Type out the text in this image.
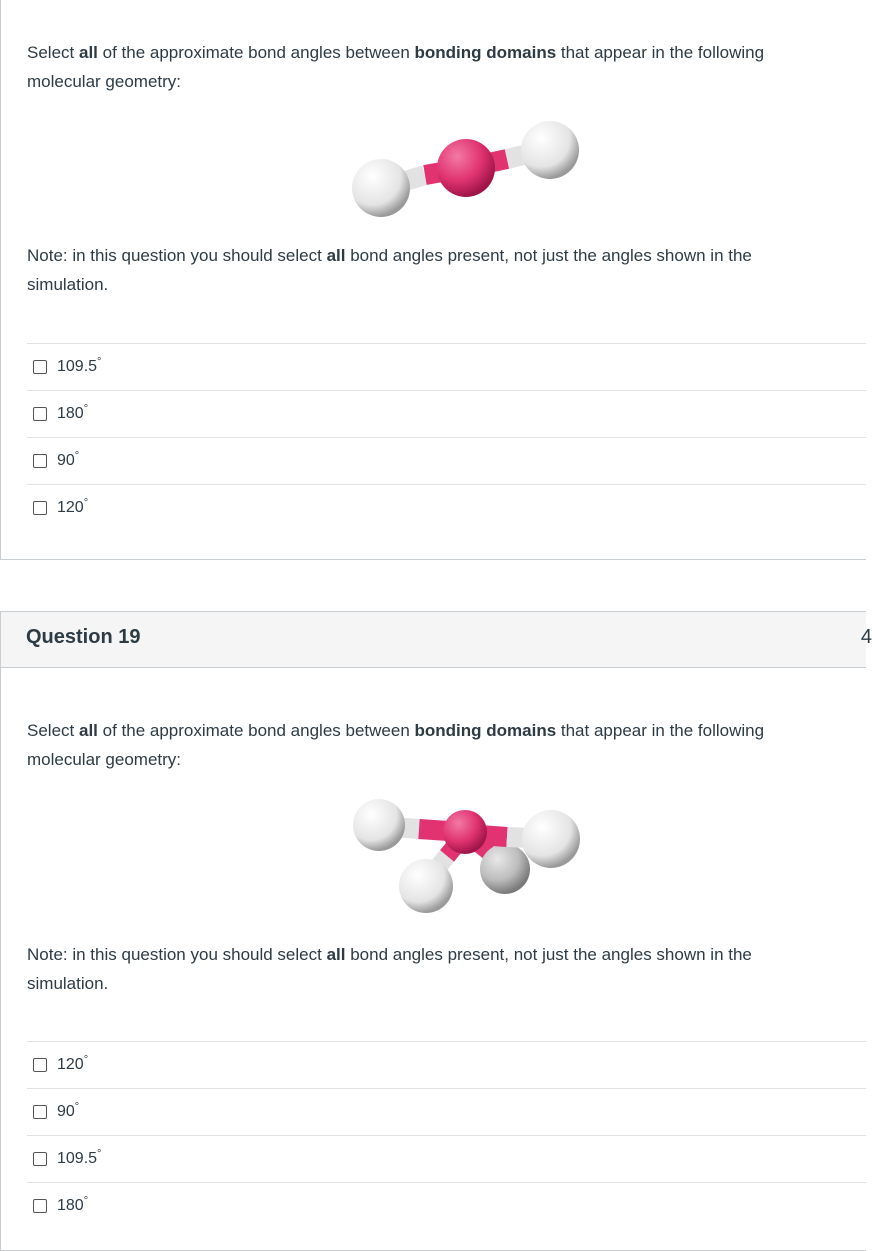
Select all of the approximate bond angles between bonding domains that appear in the following molecular geometry:
Note: in this question you should select all bond angles present, not just the angles shown in the simulation.
109.5°
180°
90°
120°
Question 19	4
Select all of the approximate bond angles between bonding domains that appear in the following molecular geometry:
Note: in this question you should select all bond angles present, not just the angles shown in the simulation.
120°
90°
109.5°
180°
